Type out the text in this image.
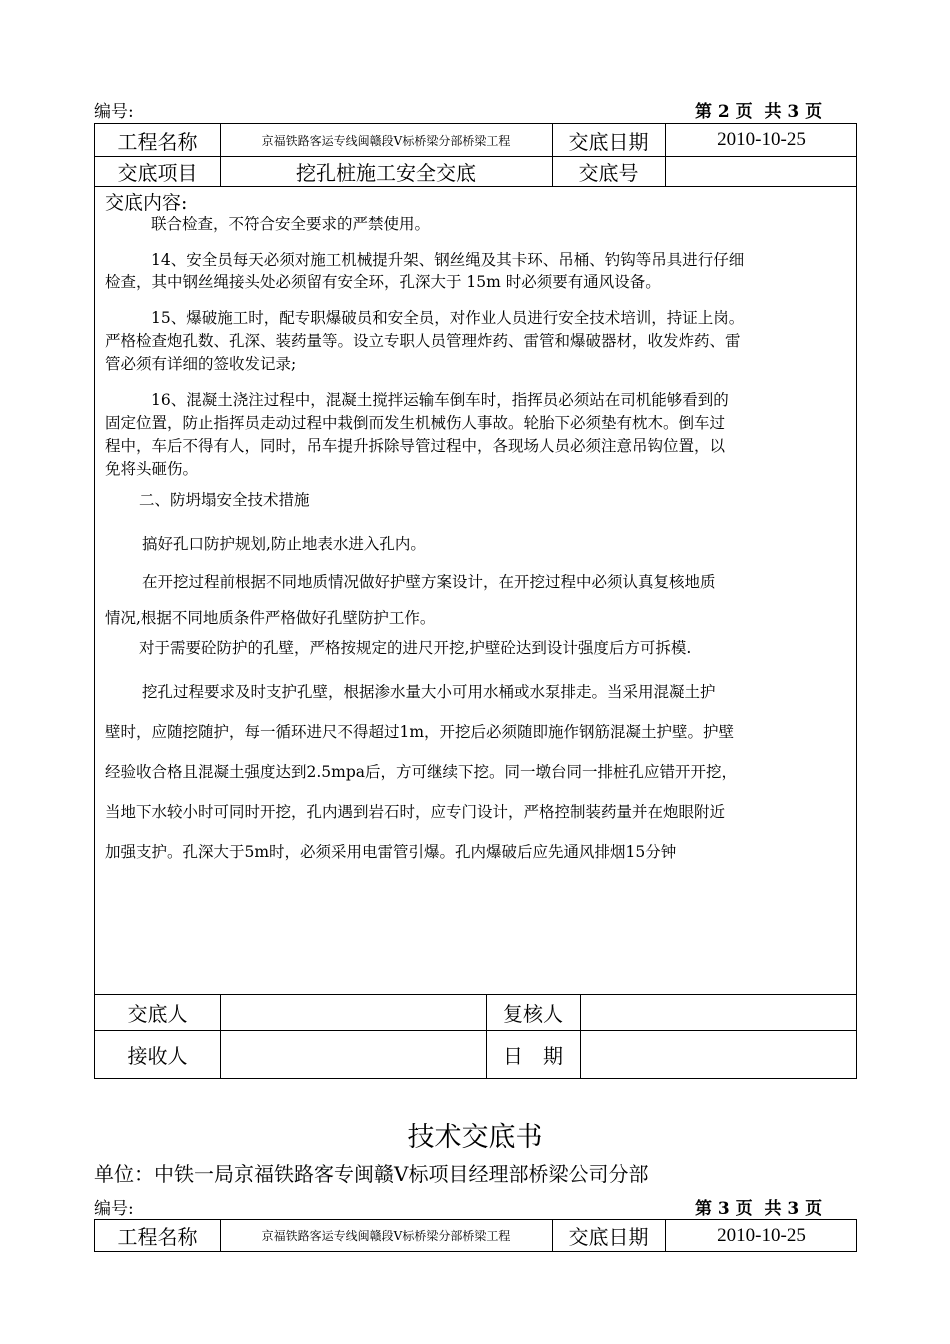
编号:	第 2 页  共 3 页
工程名称	京福铁路客运专线闽赣段Ⅴ标桥梁分部桥梁工程	交底日期	2010-10-25
交底项目	挖孔桩施工安全交底	交底号
交底内容:
联合检查，不符合安全要求的严禁使用。
14、安全员每天必须对施工机械提升架、钢丝绳及其卡环、吊桶、钓钩等吊具进行仔细
检查，其中钢丝绳接头处必须留有安全环，孔深大于 15m 时必须要有通风设备。
15、爆破施工时，配专职爆破员和安全员，对作业人员进行安全技术培训，持证上岗。
严格检查炮孔数、孔深、装药量等。设立专职人员管理炸药、雷管和爆破器材，收发炸药、雷
管必须有详细的签收发记录;
16、混凝土浇注过程中，混凝土搅拌运输车倒车时，指挥员必须站在司机能够看到的
固定位置，防止指挥员走动过程中栽倒而发生机械伤人事故。轮胎下必须垫有枕木。倒车过
程中，车后不得有人，同时，吊车提升拆除导管过程中，各现场人员必须注意吊钩位置，以
免将头砸伤。
二、防坍塌安全技术措施
搞好孔口防护规划,防止地表水进入孔内。
在开挖过程前根据不同地质情况做好护壁方案设计，在开挖过程中必须认真复核地质
情况,根据不同地质条件严格做好孔壁防护工作。
对于需要砼防护的孔壁，严格按规定的进尺开挖,护壁砼达到设计强度后方可拆模.
挖孔过程要求及时支护孔壁，根据渗水量大小可用水桶或水泵排走。当采用混凝土护
壁时，应随挖随护，每一循环进尺不得超过1m，开挖后必须随即施作钢筋混凝土护壁。护壁
经验收合格且混凝土强度达到2.5mpa后，方可继续下挖。同一墩台同一排桩孔应错开开挖，
当地下水较小时可同时开挖，孔内遇到岩石时，应专门设计，严格控制装药量并在炮眼附近
加强支护。孔深大于5m时，必须采用电雷管引爆。孔内爆破后应先通风排烟15分钟
交底人	复核人
接收人	日　期
技术交底书
单位：中铁一局京福铁路客专闽赣Ⅴ标项目经理部桥梁公司分部
编号:	第 3 页  共 3 页
工程名称	京福铁路客运专线闽赣段Ⅴ标桥梁分部桥梁工程	交底日期	2010-10-25
